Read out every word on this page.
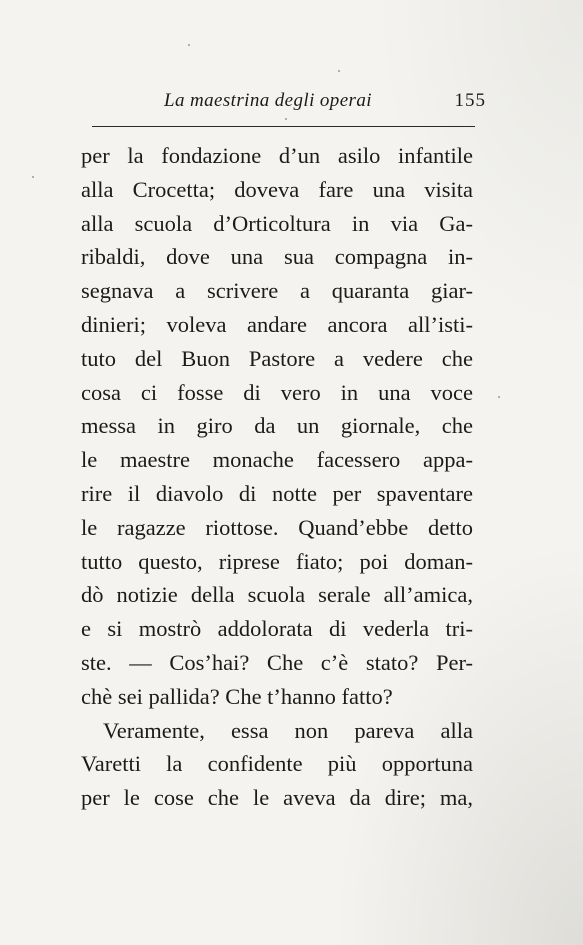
La maestrina degli operai	155
per la fondazione d’un asilo infantile
alla Crocetta; doveva fare una visita
alla scuola d’Orticoltura in via Ga-
ribaldi, dove una sua compagna in-
segnava a scrivere a quaranta giar-
dinieri; voleva andare ancora all’isti-
tuto del Buon Pastore a vedere che
cosa ci fosse di vero in una voce
messa in giro da un giornale, che
le maestre monache facessero appa-
rire il diavolo di notte per spaventare
le ragazze riottose. Quand’ebbe detto
tutto questo, riprese fiato; poi doman-
dò notizie della scuola serale all’amica,
e si mostrò addolorata di vederla tri-
ste. — Cos’hai? Che c’è stato? Per-
chè sei pallida? Che t’hanno fatto?
Veramente, essa non pareva alla
Varetti la confidente più opportuna
per le cose che le aveva da dire; ma,
